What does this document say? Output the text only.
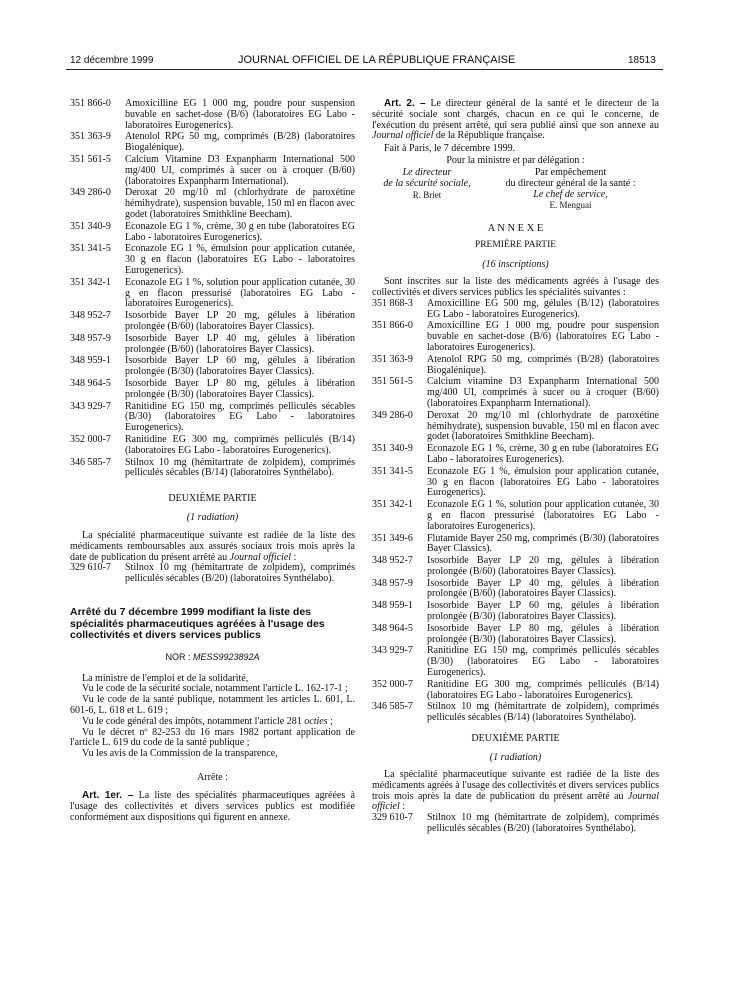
12 décembre 1999	JOURNAL OFFICIEL DE LA RÉPUBLIQUE FRANÇAISE	18513
351 866-0	Amoxicilline EG 1 000 mg, poudre pour suspension buvable en sachet-dose (B/6) (laboratoires EG Labo - laboratoires Eurogenerics).
351 363-9	Atenolol RPG 50 mg, comprimés (B/28) (laboratoires Biogalénique).
351 561-5	Calcium Vitamine D3 Expanpharm International 500 mg/400 UI, comprimés à sucer ou à croquer (B/60) (laboratoires Expanpharm International).
349 286-0	Deroxat 20 mg/10 ml (chlorhydrate de paroxétine hémihydrate), suspension buvable, 150 ml en flacon avec godet (laboratoires Smithkline Beecham).
351 340-9	Econazole EG 1 %, crème, 30 g en tube (laboratoires EG Labo - laboratoires Eurogenerics).
351 341-5	Econazole EG 1 %, émulsion pour application cutanée, 30 g en flacon (laboratoires EG Labo - laboratoires Eurogenerics).
351 342-1	Econazole EG 1 %, solution pour application cutanée, 30 g en flacon pressurisé (laboratoires EG Labo - laboratoires Eurogenerics).
348 952-7	Isosorbide Bayer LP 20 mg, gélules à libération prolongée (B/60) (laboratoires Bayer Classics).
348 957-9	Isosorbide Bayer LP 40 mg, gélules à libération prolongée (B/60) (laboratoires Bayer Classics).
348 959-1	Isosorbide Bayer LP 60 mg, gélules à libération prolongée (B/30) (laboratoires Bayer Classics).
348 964-5	Isosorbide Bayer LP 80 mg, gélules à libération prolongée (B/30) (laboratoires Bayer Classics).
343 929-7	Ranitidine EG 150 mg, comprimés pelliculés sécables (B/30) (laboratoires EG Labo - laboratoires Eurogenerics).
352 000-7	Ranitidine EG 300 mg, comprimés pelliculés (B/14) (laboratoires EG Labo - laboratoires Eurogenerics).
346 585-7	Stilnox 10 mg (hémitartrate de zolpidem), comprimés pelliculés sécables (B/14) (laboratoires Synthélabo).
DEUXIÈME PARTIE
(1 radiation)

La spécialité pharmaceutique suivante est radiée de la liste des médicaments remboursables aux assurés sociaux trois mois après la date de publication du présent arrêté au Journal officiel :

329 610-7	Stilnox 10 mg (hémitartrate de zolpidem), comprimés pelliculés sécables (B/20) (laboratoires Synthélabo).
Arrêté du 7 décembre 1999 modifiant la liste des spécialités pharmaceutiques agréées à l'usage des collectivités et divers services publics
NOR : MESS9923892A

La ministre de l'emploi et de la solidarité,

Vu le code de la sécurité sociale, notamment l'article L. 162-17-1 ;

Vu le code de la santé publique, notamment les articles L. 601, L. 601-6, L. 618 et L. 619 ;

Vu le code général des impôts, notamment l'article 281 octies ;

Vu le décret nº 82-253 du 16 mars 1982 portant application de l'article L. 619 du code de la santé publique ;

Vu les avis de la Commission de la transparence,

Arrête :

Art. 1er. – La liste des spécialités pharmaceutiques agréées à l'usage des collectivités et divers services publics est modifiée conformément aux dispositions qui figurent en annexe.

Art. 2. – Le directeur général de la santé et le directeur de la sécurité sociale sont chargés, chacun en ce qui le concerne, de l'exécution du présent arrêté, qui sera publié ainsi que son annexe au Journal officiel de la République française.

Fait à Paris, le 7 décembre 1999.

Pour la ministre et par délégation :
Le directeur
de la sécurité sociale,
R. Briet
Par empêchement
du directeur général de la santé :
Le chef de service,
E. Menguai
A N N E X E
PREMIÈRE PARTIE
(16 inscriptions)

Sont inscrites sur la liste des médicaments agréés à l'usage des collectivités et divers services publics les spécialités suivantes :

351 868-3	Amoxicilline EG 500 mg, gélules (B/12) (laboratoires EG Labo - laboratoires Eurogenerics).
351 866-0	Amoxicilline EG 1 000 mg, poudre pour suspension buvable en sachet-dose (B/6) (laboratoires EG Labo - laboratoires Eurogenerics).
351 363-9	Atenolol RPG 50 mg, comprimés (B/28) (laboratoires Biogalénique).
351 561-5	Calcium vitamine D3 Expanpharm International 500 mg/400 UI, comprimés à sucer ou à croquer (B/60) (laboratoires Expanpharm International).
349 286-0	Deroxat 20 mg/10 ml (chlorhydrate de paroxétine hémihydrate), suspension buvable, 150 ml en flacon avec godet (laboratoires Smithkline Beecham).
351 340-9	Econazole EG 1 %, crème, 30 g en tube (laboratoires EG Labo - laboratoires Eurogenerics).
351 341-5	Econazole EG 1 %, émulsion pour application cutanée, 30 g en flacon (laboratoires EG Labo - laboratoires Eurogenerics).
351 342-1	Econazole EG 1 %, solution pour application cutanée, 30 g en flacon pressurisé (laboratoires EG Labo - laboratoires Eurogenerics).
351 349-6	Flutamide Bayer 250 mg, comprimés (B/30) (laboratoires Bayer Classics).
348 952-7	Isosorbide Bayer LP 20 mg, gélules à libération prolongée (B/60) (laboratoires Bayer Classics).
348 957-9	Isosorbide Bayer LP 40 mg, gélules à libération prolongée (B/60) (laboratoires Bayer Classics).
348 959-1	Isosorbide Bayer LP 60 mg, gélules à libération prolongée (B/30) (laboratoires Bayer Classics).
348 964-5	Isosorbide Bayer LP 80 mg, gélules à libération prolongée (B/30) (laboratoires Bayer Classics).
343 929-7	Ranitidine EG 150 mg, comprimés pelliculés sécables (B/30) (laboratoires EG Labo - laboratoires Eurogenerics).
352 000-7	Ranitidine EG 300 mg, comprimés pelliculés (B/14) (laboratoires EG Labo - laboratoires Eurogenerics).
346 585-7	Stilnox 10 mg (hémitartrate de zolpidem), comprimés pelliculés sécables (B/14) (laboratoires Synthélabo).
DEUXIÈME PARTIE
(1 radiation)

La spécialité pharmaceutique suivante est radiée de la liste des médicaments agréés à l'usage des collectivités et divers services publics trois mois après la date de publication du présent arrêté au Journal officiel :

329 610-7	Stilnox 10 mg (hémitartrate de zolpidem), comprimés pelliculés sécables (B/20) (laboratoires Synthélabo).
